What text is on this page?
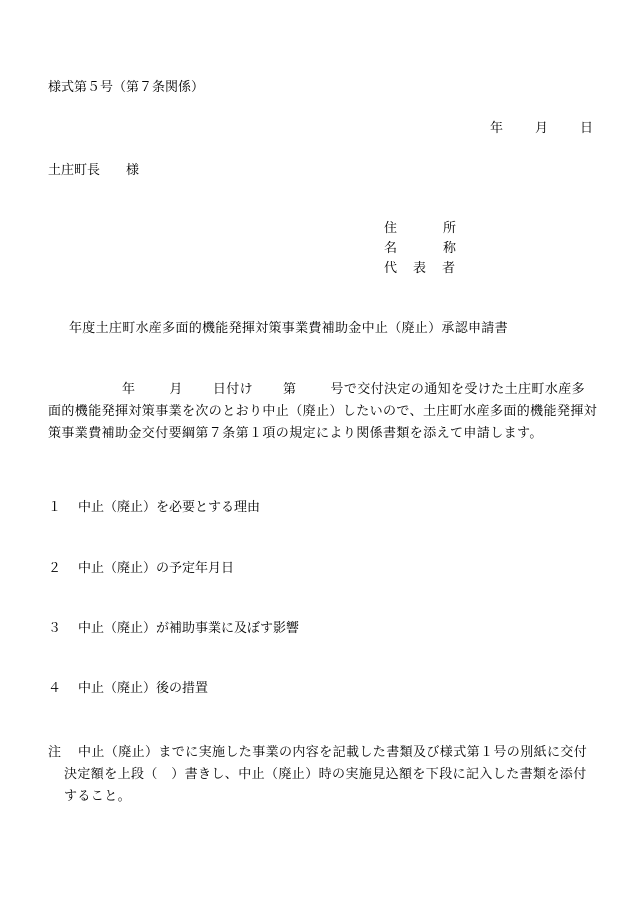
様式第５号（第７条関係）
年 月 日
土庄町長 様
住	所
名	称
代 表 者
年度土庄町水産多面的機能発揮対策事業費補助金中止（廃止）承認申請書
年	月 日付け 第	号で交付決定の通知を受けた土庄町水産多面的機能発揮対策事業を次のとおり中止（廃止）したいので、土庄町水産多面的機能発揮対策事業費補助金交付要綱第７条第１項の規定により関係書類を添えて申請します。
１ 中止（廃止）を必要とする理由
２ 中止（廃止）の予定年月日
３ 中止（廃止）が補助事業に及ぼす影響
４ 中止（廃止）後の措置
注	中止（廃止）までに実施した事業の内容を記載した書類及び様式第１号の別紙に交付決定額を上段（　）書きし、中止（廃止）時の実施見込額を下段に記入した書類を添付すること。
